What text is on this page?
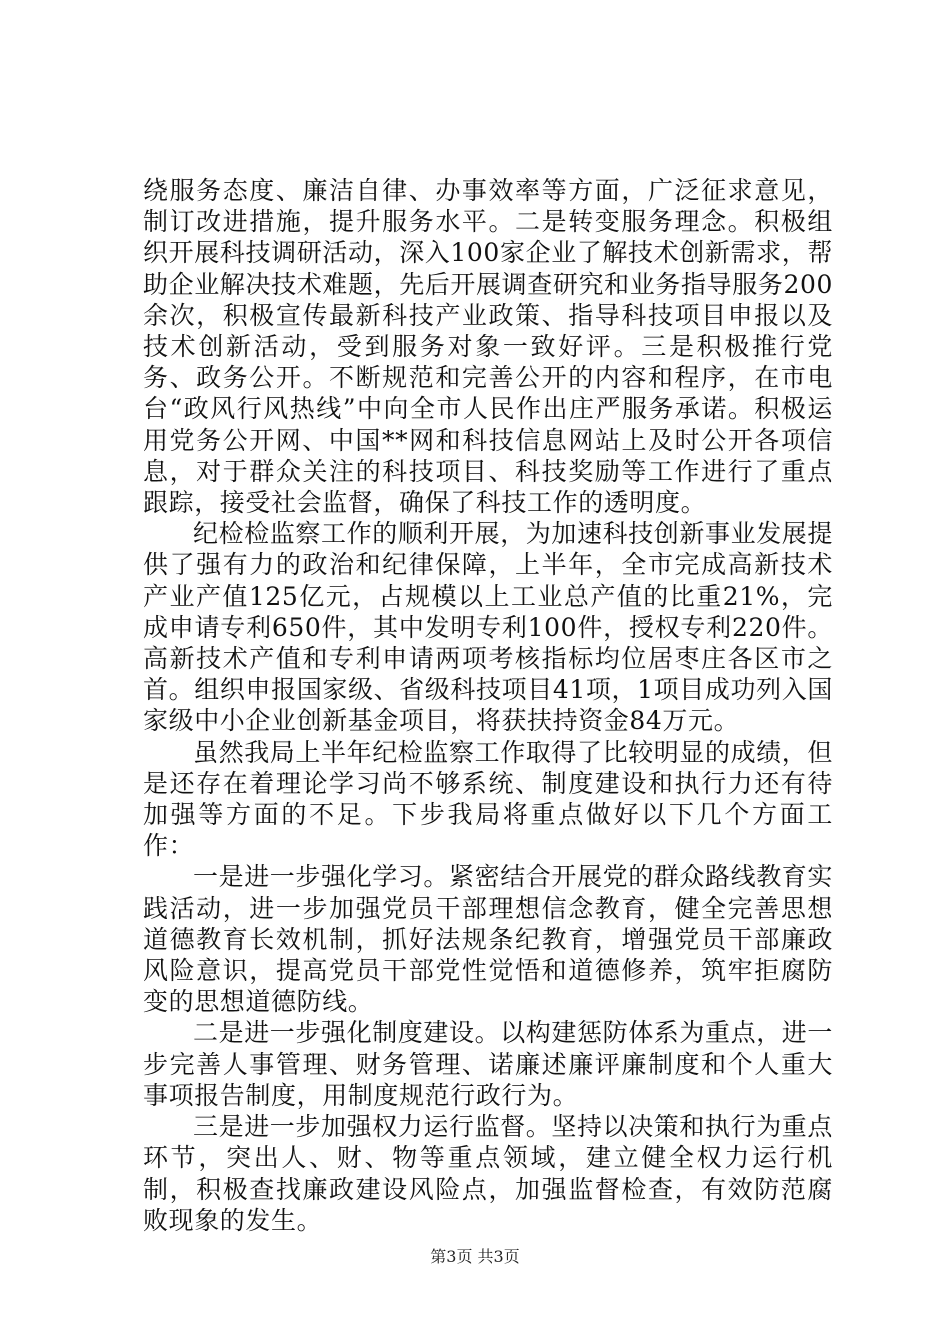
绕服务态度、廉洁自律、办事效率等方面，广泛征求意见，制订改进措施，提升服务水平。二是转变服务理念。积极组织开展科技调研活动，深入100家企业了解技术创新需求，帮助企业解决技术难题，先后开展调查研究和业务指导服务200余次，积极宣传最新科技产业政策、指导科技项目申报以及技术创新活动，受到服务对象一致好评。三是积极推行党务、政务公开。不断规范和完善公开的内容和程序，在市电台“政风行风热线”中向全市人民作出庄严服务承诺。积极运用党务公开网、中国**网和科技信息网站上及时公开各项信息，对于群众关注的科技项目、科技奖励等工作进行了重点跟踪，接受社会监督，确保了科技工作的透明度。

纪检检监察工作的顺利开展，为加速科技创新事业发展提供了强有力的政治和纪律保障，上半年，全市完成高新技术产业产值125亿元，占规模以上工业总产值的比重21%，完成申请专利650件，其中发明专利100件，授权专利220件。高新技术产值和专利申请两项考核指标均位居枣庄各区市之首。组织申报国家级、省级科技项目41项，1项目成功列入国家级中小企业创新基金项目，将获扶持资金84万元。

虽然我局上半年纪检监察工作取得了比较明显的成绩，但是还存在着理论学习尚不够系统、制度建设和执行力还有待加强等方面的不足。下步我局将重点做好以下几个方面工作：

一是进一步强化学习。紧密结合开展党的群众路线教育实践活动，进一步加强党员干部理想信念教育，健全完善思想道德教育长效机制，抓好法规条纪教育，增强党员干部廉政风险意识，提高党员干部党性觉悟和道德修养，筑牢拒腐防变的思想道德防线。

二是进一步强化制度建设。以构建惩防体系为重点，进一步完善人事管理、财务管理、诺廉述廉评廉制度和个人重大事项报告制度，用制度规范行政行为。

三是进一步加强权力运行监督。坚持以决策和执行为重点环节，突出人、财、物等重点领域，建立健全权力运行机制，积极查找廉政建设风险点，加强监督检查，有效防范腐败现象的发生。

第3页 共3页
